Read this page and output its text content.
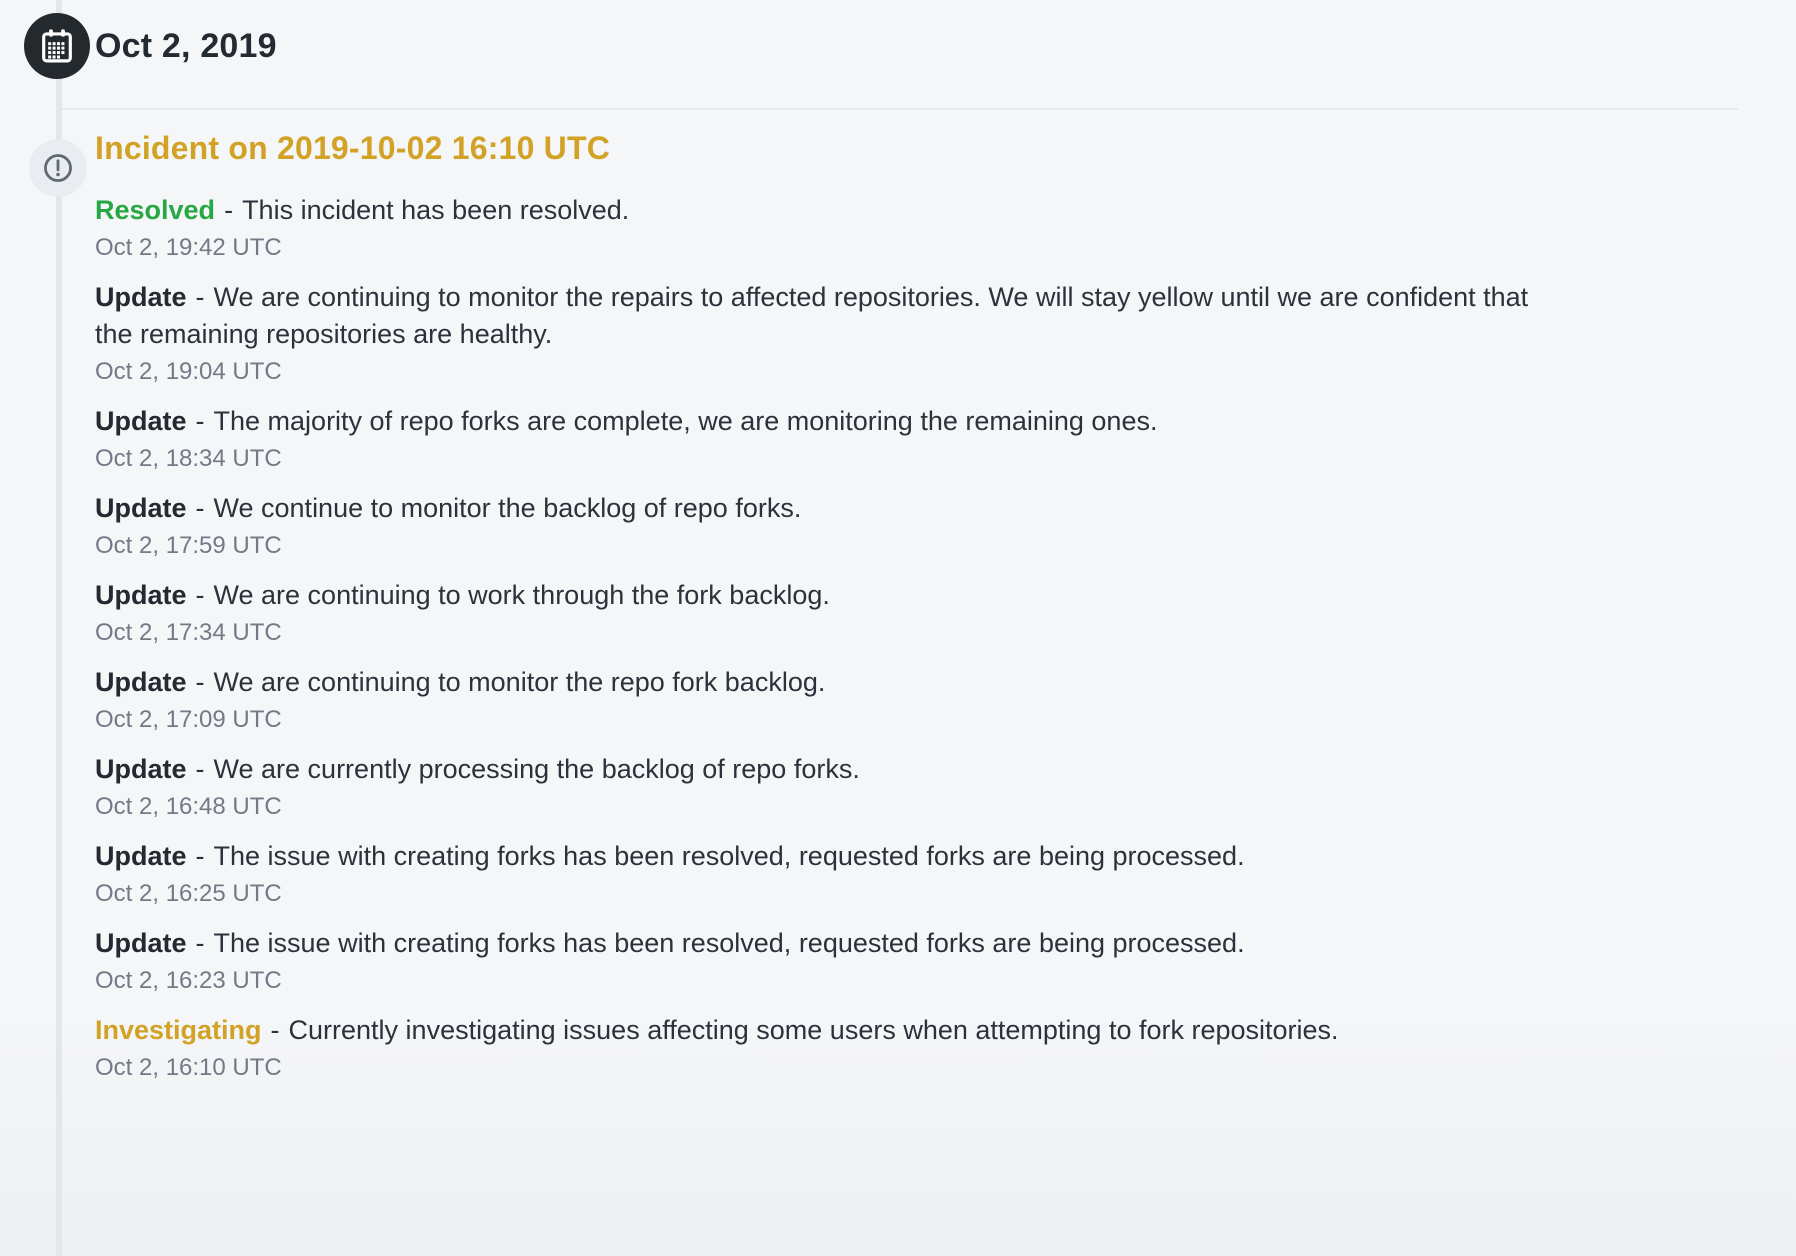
Oct 2, 2019
Incident on 2019-10-02 16:10 UTC

Resolved - This incident has been resolved.

Oct 2, 19:42 UTC

Update - We are continuing to monitor the repairs to affected repositories. We will stay yellow until we are confident that the remaining repositories are healthy.

Oct 2, 19:04 UTC

Update - The majority of repo forks are complete, we are monitoring the remaining ones.

Oct 2, 18:34 UTC

Update - We continue to monitor the backlog of repo forks.

Oct 2, 17:59 UTC

Update - We are continuing to work through the fork backlog.

Oct 2, 17:34 UTC

Update - We are continuing to monitor the repo fork backlog.

Oct 2, 17:09 UTC

Update - We are currently processing the backlog of repo forks.

Oct 2, 16:48 UTC

Update - The issue with creating forks has been resolved, requested forks are being processed.

Oct 2, 16:25 UTC

Update - The issue with creating forks has been resolved, requested forks are being processed.

Oct 2, 16:23 UTC

Investigating - Currently investigating issues affecting some users when attempting to fork repositories.

Oct 2, 16:10 UTC
